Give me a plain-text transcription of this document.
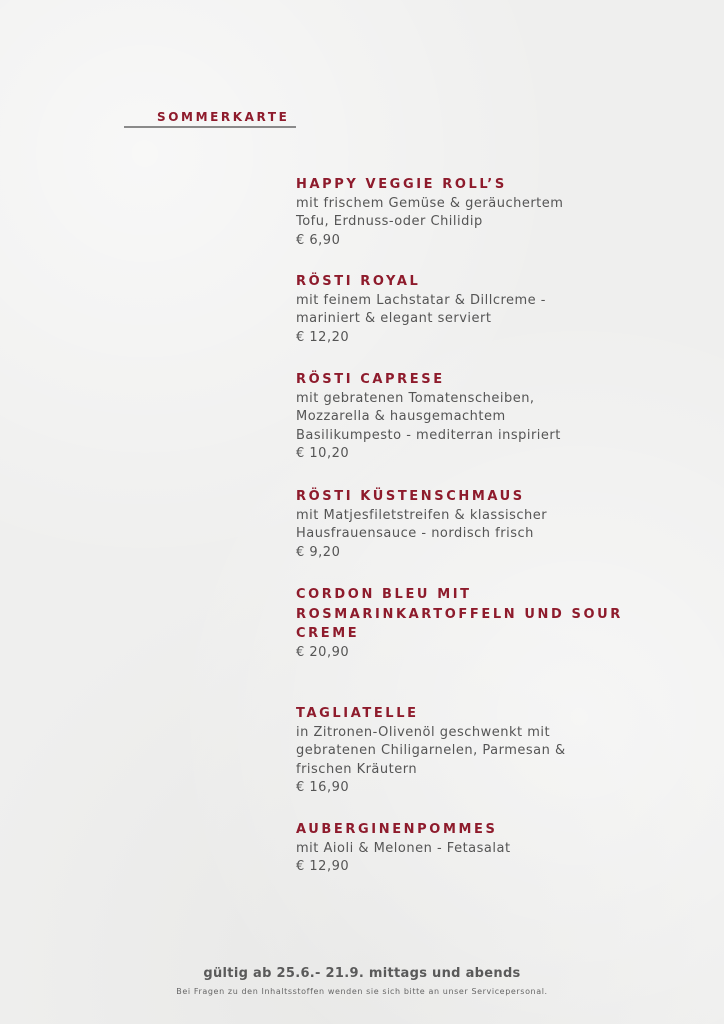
SOMMERKARTE
HAPPY VEGGIE ROLL’S
mit frischem Gemüse & geräuchertem
Tofu, Erdnuss-oder Chilidip
€ 6,90
RÖSTI ROYAL
mit feinem Lachstatar & Dillcreme -
mariniert & elegant serviert
€ 12,20
RÖSTI CAPRESE
mit gebratenen Tomatenscheiben,
Mozzarella & hausgemachtem
Basilikumpesto - mediterran inspiriert
€ 10,20
RÖSTI KÜSTENSCHMAUS
mit Matjesfiletstreifen & klassischer
Hausfrauensauce - nordisch frisch
€ 9,20
CORDON BLEU MIT ROSMARINKARTOFFELN UND SOUR CREME
€ 20,90
TAGLIATELLE
in Zitronen-Olivenöl geschwenkt mit
gebratenen Chiligarnelen, Parmesan &
frischen Kräutern
€ 16,90
AUBERGINENPOMMES
mit Aioli & Melonen - Fetasalat
€ 12,90
gültig ab 25.6.- 21.9. mittags und abends
Bei Fragen zu den Inhaltsstoffen wenden sie sich bitte an unser Servicepersonal.
